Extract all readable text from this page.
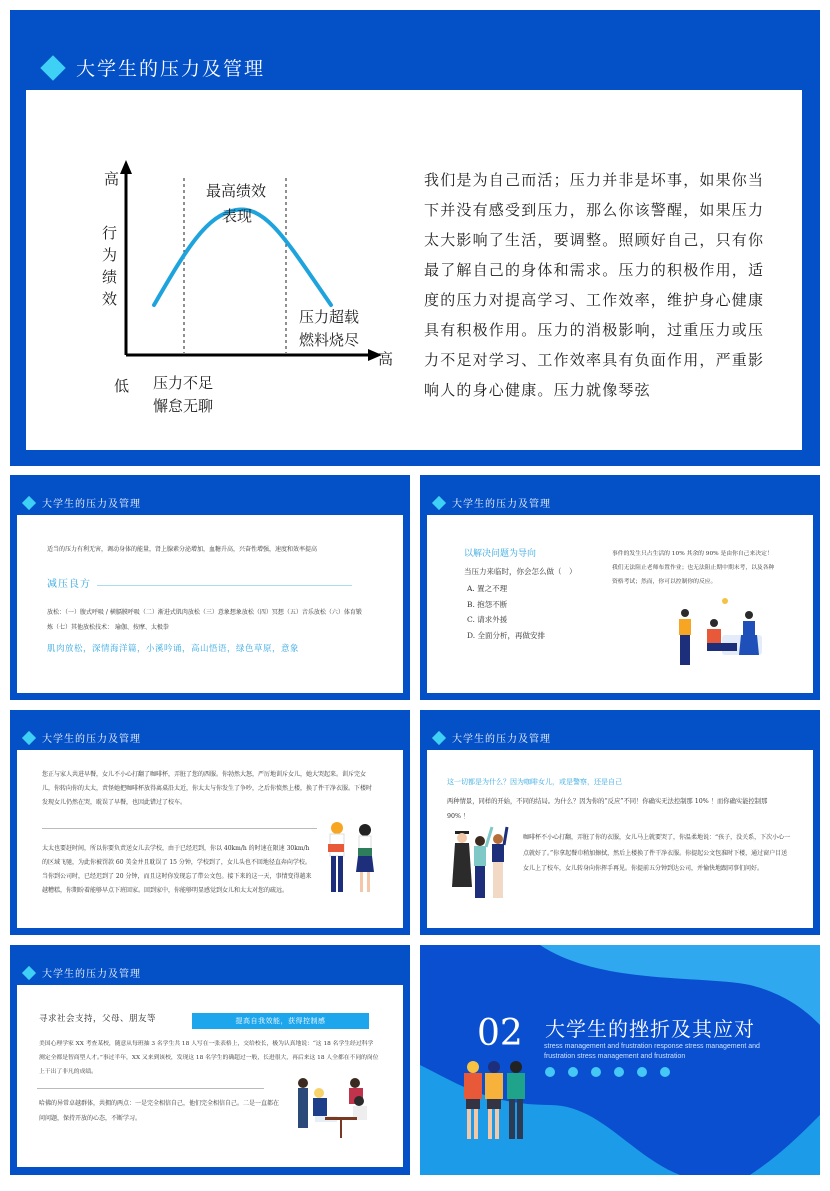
大学生的压力及管理
高
行
为
绩
效
低
高
最高绩效
表现
压力超载
燃料烧尽
压力不足
懈怠无聊
我们是为自己而活；压力并非是坏事，如果你当下并没有感受到压力，那么你该警醒，如果压力太大影响了生活，要调整。照顾好自己，只有你最了解自己的身体和需求。压力的积极作用，适度的压力对提高学习、工作效率，维护身心健康具有积极作用。压力的消极影响，过重压力或压力不足对学习、工作效率具有负面作用，严重影响人的身心健康。压力就像琴弦
大学生的压力及管理
适当的压力有利无害，调动身体的能量，肾上腺素分泌增加，血糖升高，兴奋性增强，速度和效率提高
减压良方
放松：（一）腹式呼吸 / 横膈膜呼吸（二）渐进式肌肉放松（三）意象想象放松（四）冥想（五）音乐放松（六）体育锻炼（七）其他放松技术： 瑜伽、按摩、太极拳
肌肉放松，深情海洋篇，小溪吟诵，高山悟语，绿色草原，意象
大学生的压力及管理
以解决问题为导向
当压力来临时，你会怎么做（　）
A. 置之不理
B. 抱怨不断
C. 请求外援
D. 全面分析，再做安排
事件的发生只占生活的 10% 其余的 90% 是由你自己来决定！我们无法阻止老师布置作业；也无法阻止期中期末考，以及各种资格考试；然而，你可以控制你的反应。
大学生的压力及管理
您正与家人共进早餐，女儿不小心打翻了咖啡杯，弄脏了您的西服。你勃然大怒，严厉地训斥女儿，她大哭起来。训斥完女儿，你转向你的太太，责怪她把咖啡杯放得离桌沿太近，你太太与你发生了争吵，之后你愤然上楼，换了件干净衣服。下楼时发现女儿仍然在哭，耽误了早餐，也因此错过了校车。
太太也要赶时间，所以你要负责送女儿去学校，由于已经迟到，你以 40km/h 的时速在限速 30km/h 的区域飞驰，为此你被罚款 60 美金并且耽误了 15 分钟，学校到了，女儿头也不回地径直奔向学校。当你到公司时，已经迟到了 20 分钟，而且这时你发现忘了带公文包。接下来的这一天，事情变得越来越糟糕，你期盼着能够早点下班回家。回到家中，你能够明显感觉到女儿和太太对您的疏远。
大学生的压力及管理
这一切都是为什么？因为咖啡女儿，或是警察，还是自己
两种情景，同样的开始，不同的结局。为什么？因为你的“反应”不同！你确实无法控制那 10% ！而你确实能控制那 90% ！
咖啡杯不小心打翻，弄脏了你的衣服，女儿马上就要哭了，你温柔地说：“孩子，没关系，下次小心一点就好了。”你拿起餐巾稍加擦拭，然后上楼换了件干净衣服。你提起公文包准时下楼，通过窗户目送女儿上了校车，女儿转身向你挥手再见。你提前五分钟到达公司，并愉快地跟同事们问好。
大学生的压力及管理
寻求社会支持，父母、朋友等	提高自我效能，获得控制感
美国心理学家 XX 考查某校，随意从每班抽 3 名学生共 18 人写在一张表格上，交给校长，极为认真地说：“这 18 名学生经过科学测定全都是智商型人才。”事过半年，XX 又来到该校，发现这 18 名学生的确超过一般，长进很大，再后来这 18 人全都在不同的岗位上干出了非凡的成绩。
哈佛的异常卓越群体，共拥的两点：一是完全相信自己，他们完全相信自己。二是一直都在问问题，保持开放的心态，不断学习。
02 大学生的挫折及其应对
stress management and frustration response stress management and frustration stress management and frustration
